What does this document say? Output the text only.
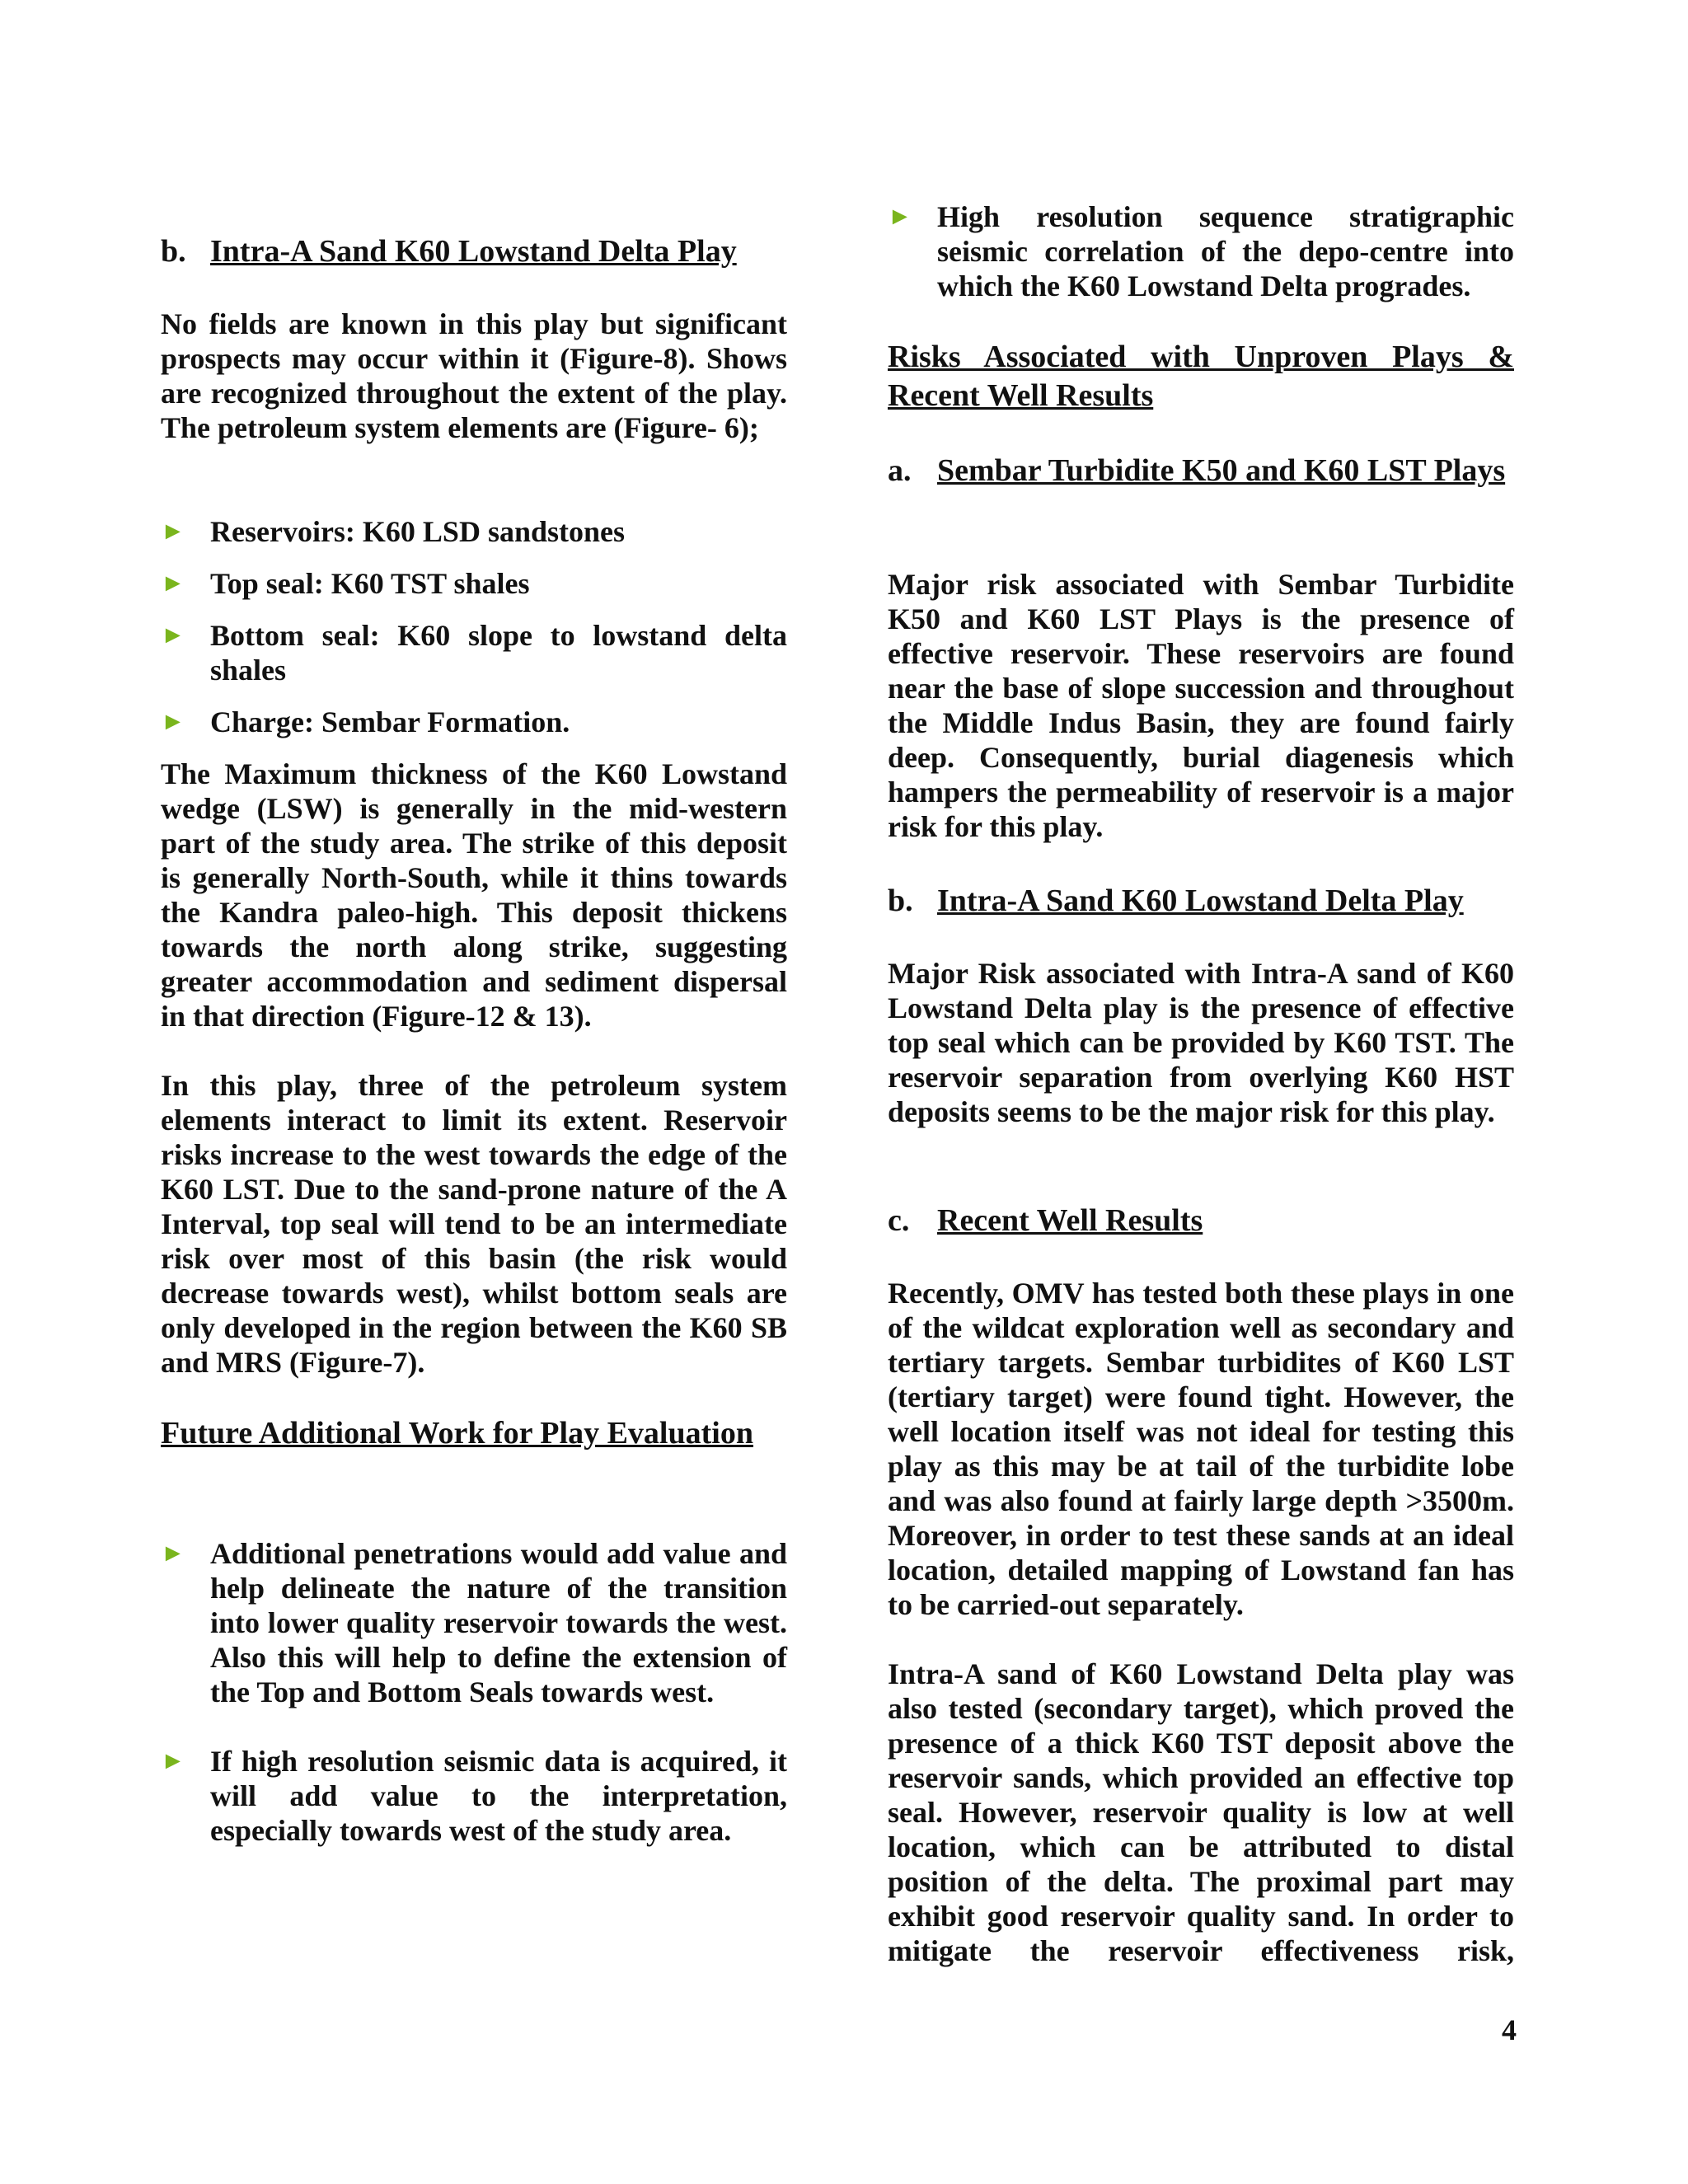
b. Intra-A Sand K60 Lowstand Delta Play

No fields are known in this play but significant prospects may occur within it (Figure-8). Shows are recognized throughout the extent of the play. The petroleum system elements are (Figure- 6);

► Reservoirs: K60 LSD sandstones
► Top seal: K60 TST shales
► Bottom seal: K60 slope to lowstand delta shales
► Charge: Sembar Formation.

The Maximum thickness of the K60 Lowstand wedge (LSW) is generally in the mid-western part of the study area. The strike of this deposit is generally North-South, while it thins towards the Kandra paleo-high. This deposit thickens towards the north along strike, suggesting greater accommodation and sediment dispersal in that direction (Figure-12 & 13).

In this play, three of the petroleum system elements interact to limit its extent. Reservoir risks increase to the west towards the edge of the K60 LST. Due to the sand-prone nature of the A Interval, top seal will tend to be an intermediate risk over most of this basin (the risk would decrease towards west), whilst bottom seals are only developed in the region between the K60 SB and MRS (Figure-7).

Future Additional Work for Play Evaluation
► Additional penetrations would add value and help delineate the nature of the transition into lower quality reservoir towards the west. Also this will help to define the extension of the Top and Bottom Seals towards west.
► If high resolution seismic data is acquired, it will add value to the interpretation, especially towards west of the study area.
► High resolution sequence stratigraphic seismic correlation of the depo-centre into which the K60 Lowstand Delta progrades.
Risks Associated with Unproven Plays & Recent Well Results
a. Sembar Turbidite K50 and K60 LST Plays

Major risk associated with Sembar Turbidite K50 and K60 LST Plays is the presence of effective reservoir. These reservoirs are found near the base of slope succession and throughout the Middle Indus Basin, they are found fairly deep. Consequently, burial diagenesis which hampers the permeability of reservoir is a major risk for this play.

b. Intra-A Sand K60 Lowstand Delta Play

Major Risk associated with Intra-A sand of K60 Lowstand Delta play is the presence of effective top seal which can be provided by K60 TST. The reservoir separation from overlying K60 HST deposits seems to be the major risk for this play.

c. Recent Well Results

Recently, OMV has tested both these plays in one of the wildcat exploration well as secondary and tertiary targets. Sembar turbidites of K60 LST (tertiary target) were found tight. However, the well location itself was not ideal for testing this play as this may be at tail of the turbidite lobe and was also found at fairly large depth >3500m. Moreover, in order to test these sands at an ideal location, detailed mapping of Lowstand fan has to be carried-out separately.

Intra-A sand of K60 Lowstand Delta play was also tested (secondary target), which proved the presence of a thick K60 TST deposit above the reservoir sands, which provided an effective top seal. However, reservoir quality is low at well location, which can be attributed to distal position of the delta. The proximal part may exhibit good reservoir quality sand. In order to mitigate the reservoir effectiveness risk,

4
